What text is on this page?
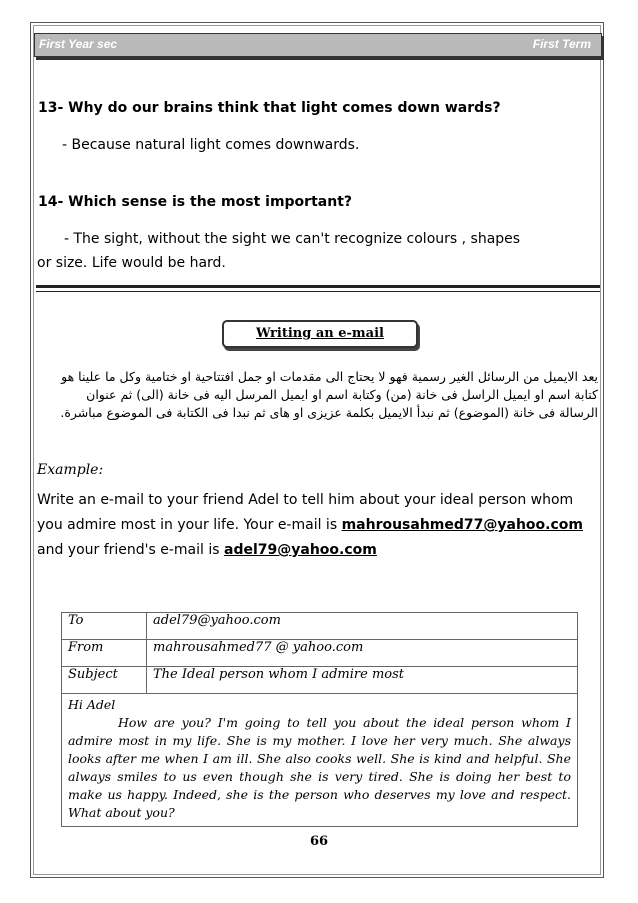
First Year sec	First Term
13- Why do our brains think that light comes down wards?
- Because natural light comes downwards.
14- Which sense is the most important?
- The sight, without the sight we can't recognize colours , shapes
or size. Life would be hard.
Writing an e-mail
يعد الايميل من الرسائل الغير رسمية فهو لا يحتاج الى مقدمات او جمل افتتاحية او ختامية وكل ما علينا هو كتابة اسم او ايميل الراسل فى خانة (من) وكتابة اسم او ايميل المرسل اليه فى خانة (الى) ثم عنوان الرسالة فى خانة (الموضوع) ثم نبدأ الايميل بكلمة عزيزى او هاى ثم نبدا فى الكتابة فى الموضوع مباشرة.
Example:
Write an e-mail to your friend Adel to tell him about your ideal person whom you admire most in your life. Your e-mail is mahrousahmed77@yahoo.com and your friend's e-mail is adel79@yahoo.com
To	adel79@yahoo.com
From	mahrousahmed77 @ yahoo.com
Subject	The Ideal person whom I admire most

Hi Adel
How are you? I'm going to tell you about the ideal person whom I admire most in my life. She is my mother. I love her very much. She always looks after me when I am ill. She also cooks well. She is kind and helpful. She always smiles to us even though she is very tired. She is doing her best to make us happy. Indeed, she is the person who deserves my love and respect. What about you?	
66
